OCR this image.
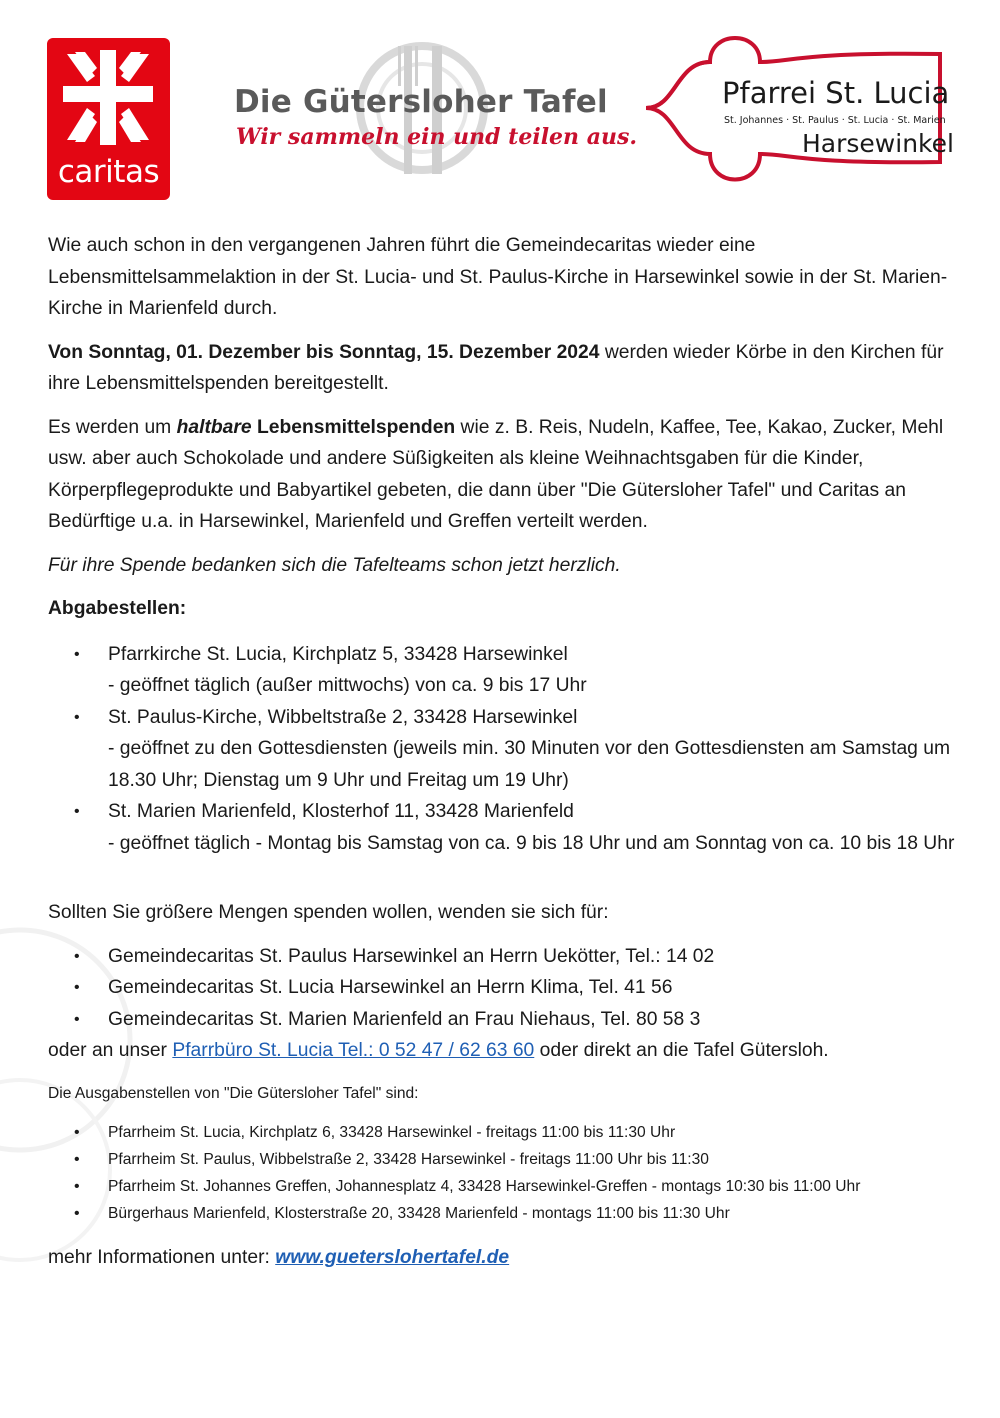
caritas
Die Gütersloher Tafel
Wir sammeln ein und teilen aus.
Pfarrei St. Lucia
St. Johannes · St. Paulus · St. Lucia · St. Marien
Harsewinkel

Wie auch schon in den vergangenen Jahren führt die Gemeindecaritas wieder eine Lebensmittelsammelaktion in der St. Lucia- und St. Paulus-Kirche in Harsewinkel sowie in der St. Marien-Kirche in Marienfeld durch.

Von Sonntag, 01. Dezember bis Sonntag, 15. Dezember 2024 werden wieder Körbe in den Kirchen für ihre Lebensmittelspenden bereitgestellt.

Es werden um haltbare Lebensmittelspenden wie z. B. Reis, Nudeln, Kaffee, Tee, Kakao, Zucker, Mehl usw. aber auch Schokolade und andere Süßigkeiten als kleine Weihnachtsgaben für die Kinder, Körperpflegeprodukte und Babyartikel gebeten, die dann über "Die Gütersloher Tafel" und Caritas an Bedürftige u.a. in Harsewinkel, Marienfeld und Greffen verteilt werden.

Für ihre Spende bedanken sich die Tafelteams schon jetzt herzlich.

Abgabestellen:

• Pfarrkirche St. Lucia, Kirchplatz 5, 33428 Harsewinkel
- geöffnet täglich (außer mittwochs) von ca. 9 bis 17 Uhr
• St. Paulus-Kirche, Wibbeltstraße 2, 33428 Harsewinkel
- geöffnet zu den Gottesdiensten (jeweils min. 30 Minuten vor den Gottesdiensten am Samstag um 18.30 Uhr; Dienstag um 9 Uhr und Freitag um 19 Uhr)
• St. Marien Marienfeld, Klosterhof 11, 33428 Marienfeld
- geöffnet täglich - Montag bis Samstag von ca. 9 bis 18 Uhr und am Sonntag von ca. 10 bis 18 Uhr

Sollten Sie größere Mengen spenden wollen, wenden sie sich für:

• Gemeindecaritas St. Paulus Harsewinkel an Herrn Uekötter, Tel.: 14 02
• Gemeindecaritas St. Lucia Harsewinkel an Herrn Klima, Tel. 41 56
• Gemeindecaritas St. Marien Marienfeld an Frau Niehaus, Tel. 80 58 3

oder an unser Pfarrbüro St. Lucia Tel.: 0 52 47 / 62 63 60 oder direkt an die Tafel Gütersloh.

Die Ausgabenstellen von "Die Gütersloher Tafel" sind:

• Pfarrheim St. Lucia, Kirchplatz 6, 33428 Harsewinkel - freitags 11:00 bis 11:30 Uhr
• Pfarrheim St. Paulus, Wibbelstraße 2, 33428 Harsewinkel - freitags 11:00 Uhr bis 11:30
• Pfarrheim St. Johannes Greffen, Johannesplatz 4, 33428 Harsewinkel-Greffen - montags 10:30 bis 11:00 Uhr
• Bürgerhaus Marienfeld, Klosterstraße 20, 33428 Marienfeld - montags 11:00 bis 11:30 Uhr

mehr Informationen unter: www.gueterslohertafel.de
